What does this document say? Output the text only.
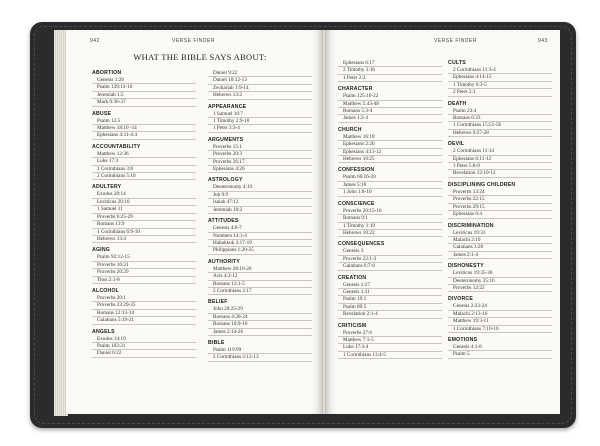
942	VERSE FINDER
WHAT THE BIBLE SAYS ABOUT:
ABORTION
Genesis 1:26
Psalm 139:13-16
Jeremiah 1:5
Mark 9:36-37
ABUSE
Psalm 12:5
Matthew 18:10 -14
Ephesians 4:31-4:4
ACCOUNTABILITY
Matthew 12:36
Luke 17:3
1 Corinthians 3:8
2 Corinthians 5:10
ADULTERY
Exodus 20:14
Leviticus 20:10
1 Samuel 11
Proverbs 6:25-29
Romans 13:9
1 Corinthians 6:9-10
Hebrews 13:4
AGING
Psalm 92:12-15
Proverbs 16:31
Proverbs 20:29
Titus 2:1-8
ALCOHOL
Proverbs 20:1
Proverbs 23:29-35
Romans 12:13-14
Galatians 5:19-21
ANGELS
Exodus 14:19
Psalm 103:21
Daniel 6:22
Daniel 9:22
Daniel 10:12-13
Zechariah 1:9-14
Hebrews 13:2
APPEARANCE
1 Samuel 16:7
1 Timothy 2:9-10
1 Peter 3:3-4
ARGUMENTS
Proverbs 15:1
Proverbs 20:3
Proverbs 26:17
Ephesians 4:26
ASTROLOGY
Deuteronomy 4:19
Job 9:9
Isaiah 47:12
Jeremiah 10:2
ATTITUDES
Genesis 4:6-7
Numbers 14:1-4
Habakkuk 3:17-19
Philippians 1:20-25
AUTHORITY
Matthew 28:16-20
Acts 4:2-12
Romans 13:1-5
2 Corinthians 2:17
BELIEF
John 20:25-29
Romans 4:20-24
Romans 10:9-10
James 2:14-26
BIBLE
Psalm 119:99
2 Corinthians 2:12-13
VERSE FINDER	943
Ephesians 6:17
2 Timothy 3:16
1 Peter 2:2
CHARACTER
Psalm 125:16-22
Matthew 5:43-48
Romans 5:3-4
James 1:2-4
CHURCH
Matthew 16:18
Ephesians 2:20
Ephesians 4:11-12
Hebrews 10:25
CONFESSION
Psalm 66:16-20
James 5:16
1 John 1:8-10
CONSCIENCE
Proverbs 20:15-16
Romans 9:1
1 Timothy 1:19
Hebrews 10:22
CONSEQUENCES
Genesis 3
Proverbs 22:1-3
Galatians 6:7-8
CREATION
Genesis 1:27
Genesis 1:31
Psalm 19:1
Psalm 89:5
Revelation 2:1-4
CRITICISM
Proverbs 27:6
Matthew 7:1-5
Luke 17:3-4
1 Corinthians 13:4-5
CULTS
2 Corinthians 11:3-4
Ephesians 4:14-15
1 Timothy 6:3-5
2 Peter 2:1
DEATH
Psalm 23:4
Romans 6:23
1 Corinthians 15:51-56
Hebrews 9:27-28
DEVIL
2 Corinthians 11:14
Ephesians 6:11-12
1 Peter 5:8-9
Revelation 12:10-12
DISCIPLINING CHILDREN
Proverbs 13:24
Proverbs 22:15
Proverbs 29:15
Ephesians 6:4
DISCRIMINATION
Leviticus 19:33
Malachi 2:10
Galatians 3:28
James 2:1-4
DISHONESTY
Leviticus 19:35-36
Deuteronomy 25:16
Proverbs 12:22
DIVORCE
Genesis 2:23-24
Malachi 2:13-16
Matthew 19:3-11
1 Corinthians 7:10-16
EMOTIONS
Genesis 4:1-8
Psalm 5
